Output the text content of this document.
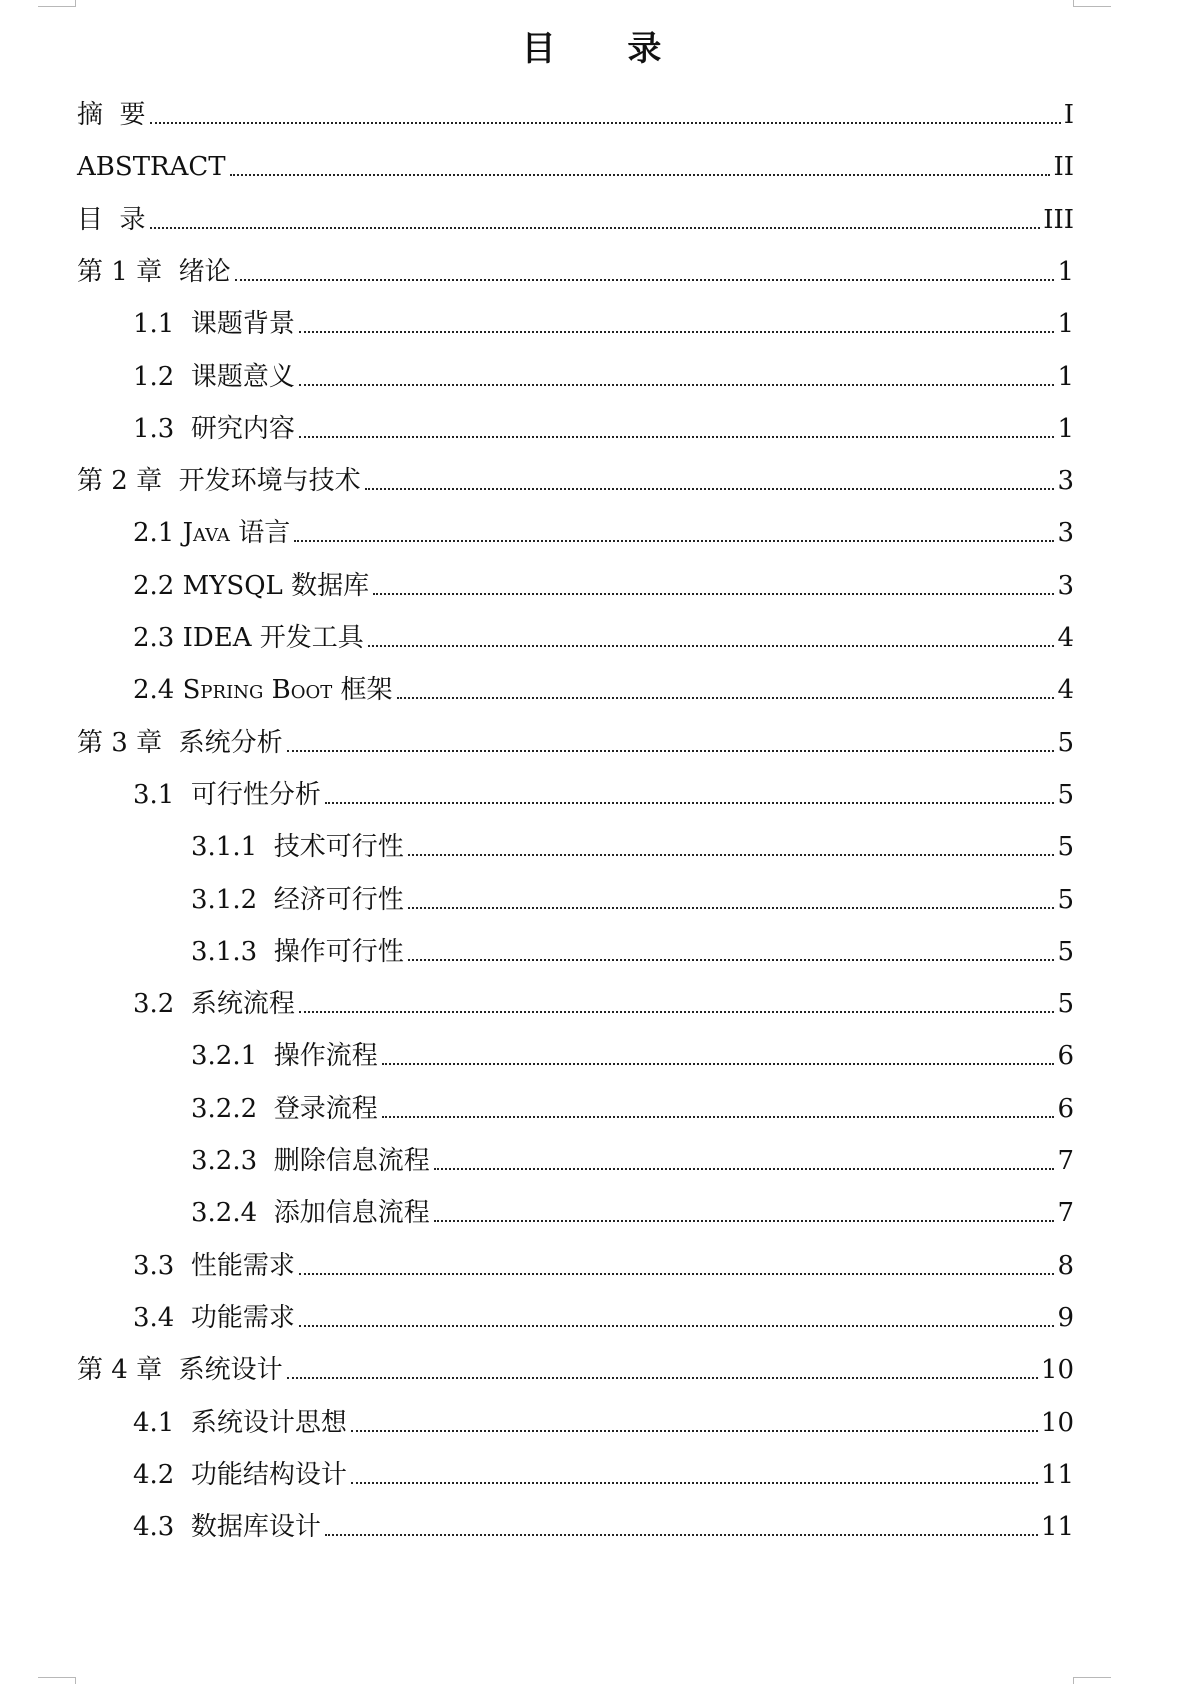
目 录
摘  要	I
ABSTRACT	II
目  录	III
第 1 章 绪论	1
1.1 课题背景	1
1.2 课题意义	1
1.3 研究内容	1
第 2 章 开发环境与技术	3
2.1 Java 语言	3
2.2 MYSQL 数据库	3
2.3 IDEA 开发工具	4
2.4 Spring Boot 框架	4
第 3 章 系统分析	5
3.1 可行性分析	5
3.1.1 技术可行性	5
3.1.2 经济可行性	5
3.1.3 操作可行性	5
3.2 系统流程	5
3.2.1 操作流程	6
3.2.2 登录流程	6
3.2.3 删除信息流程	7
3.2.4 添加信息流程	7
3.3 性能需求	8
3.4 功能需求	9
第 4 章 系统设计	10
4.1 系统设计思想	10
4.2 功能结构设计	11
4.3 数据库设计	11
